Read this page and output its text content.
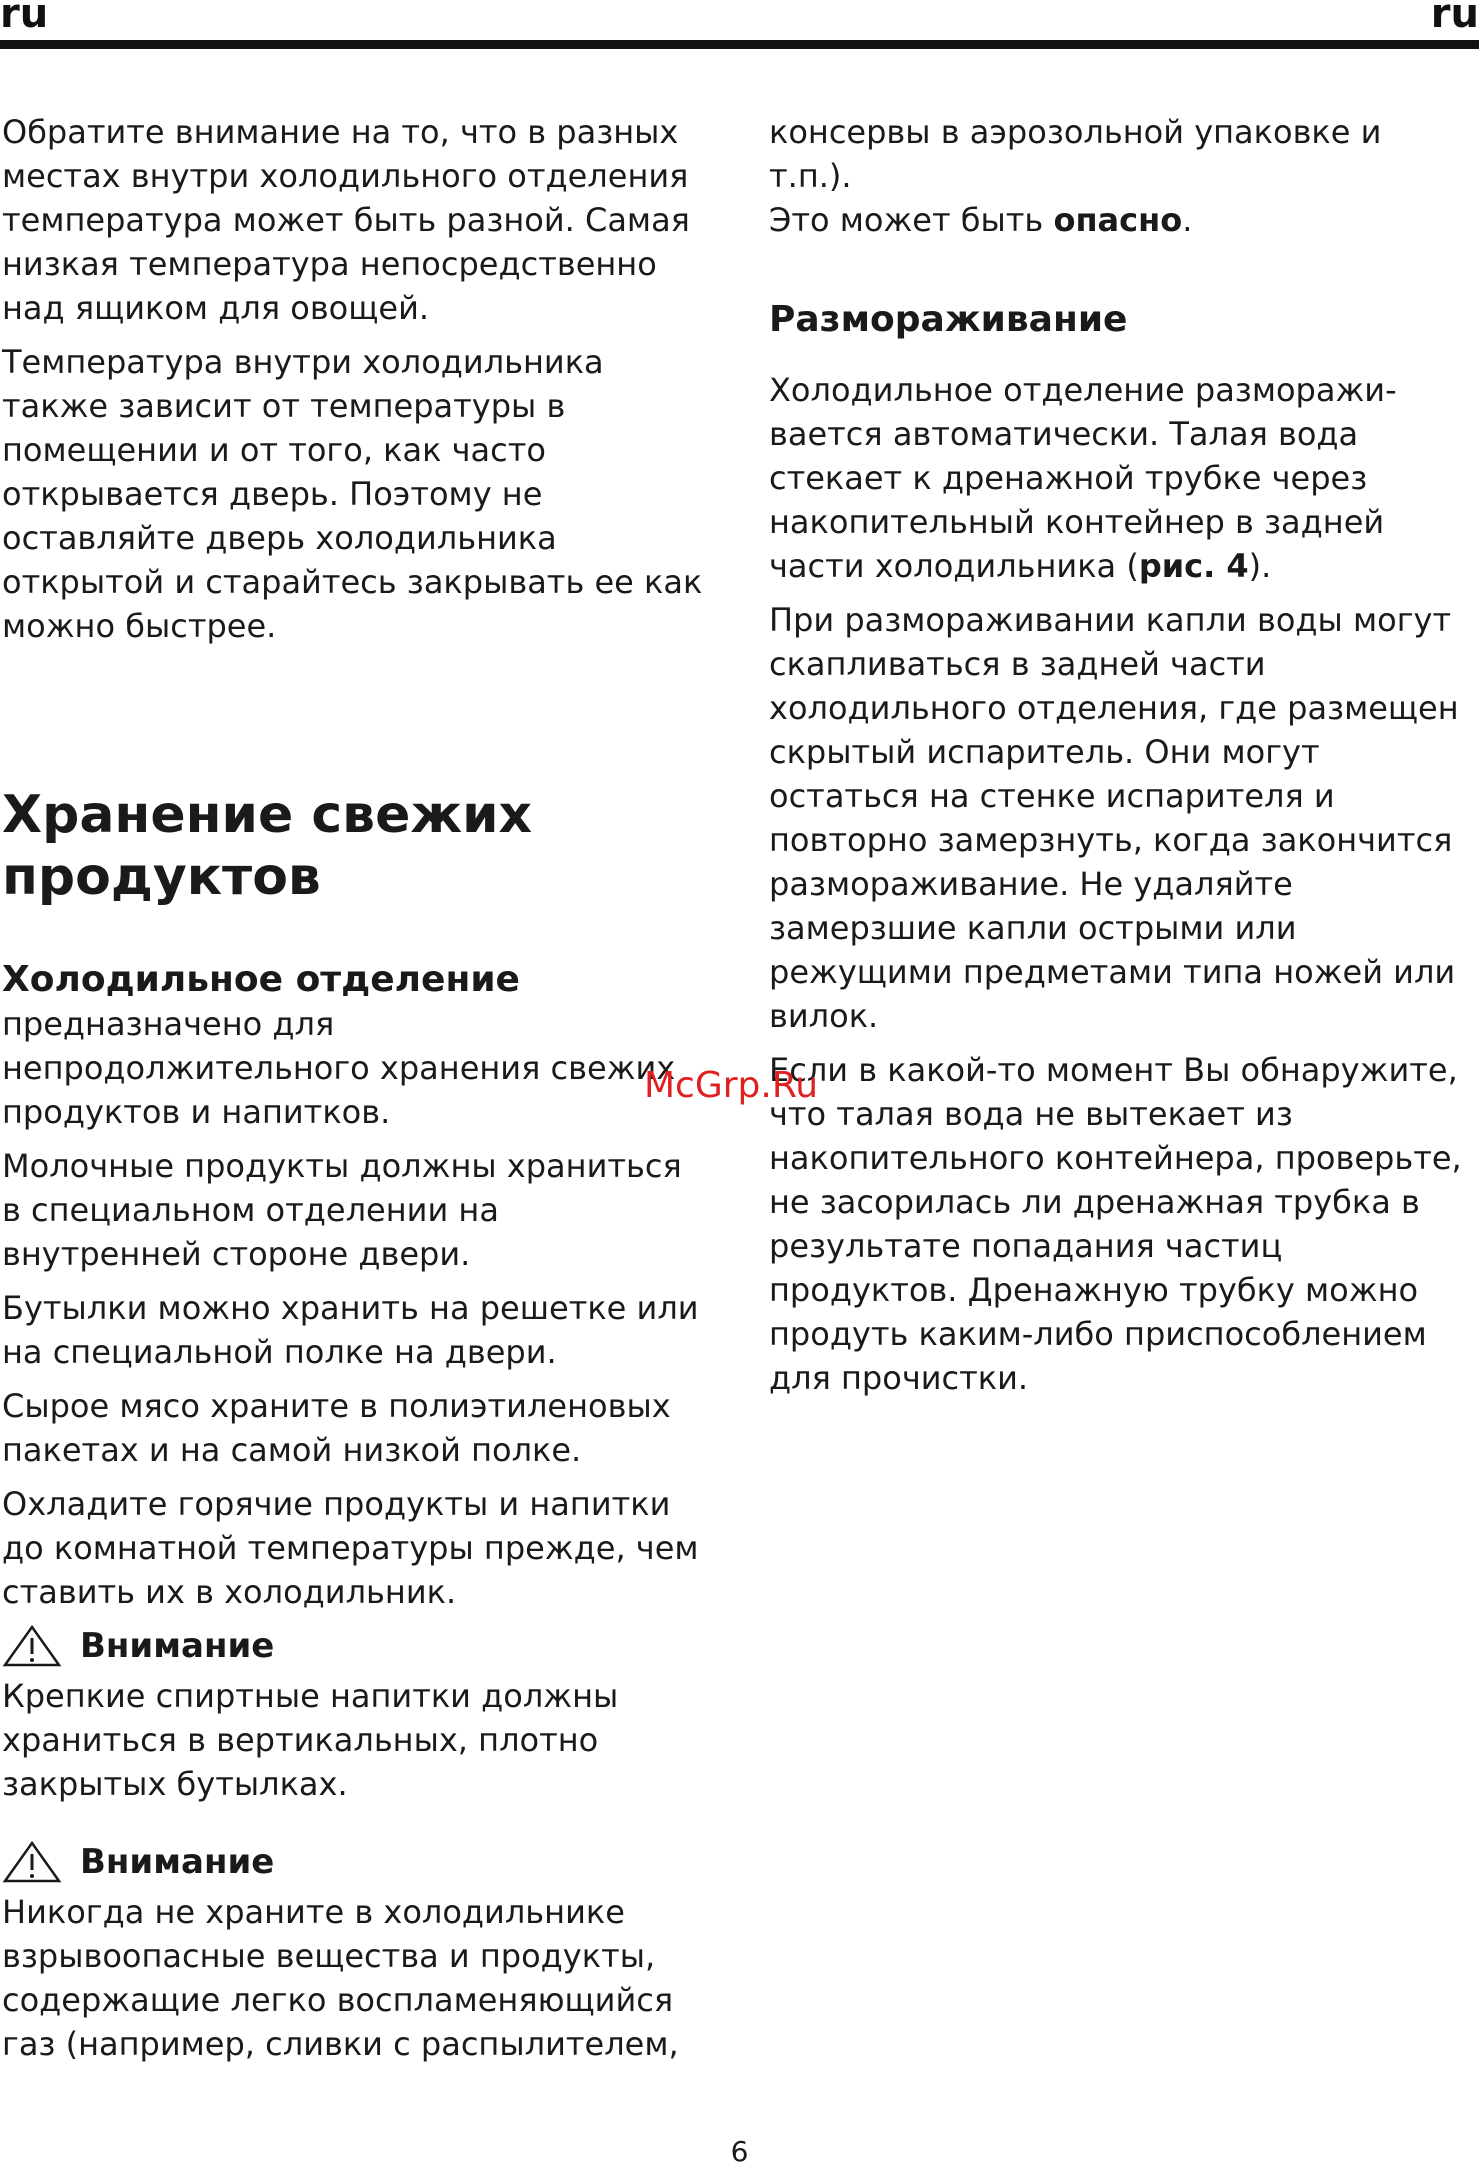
ru	ru

Обратите внимание на то, что в разных местах внутри холодильного отделения температура может быть разной. Самая низкая температура непосредственно над ящиком для овощей.

Температура внутри холодильника также зависит от температуры в помещении и от того, как часто открывается дверь. Поэтому не оставляйте дверь холодильника открытой и старайтесь закрывать ее как можно быстрее.

Хранение свежих продуктов
Холодильное отделение

предназначено для непродолжительного хранения свежих продуктов и напитков.

Молочные продукты должны храниться в специальном отделении на внутренней стороне двери.

Бутылки можно хранить на решетке или на специальной полке на двери.

Сырое мясо храните в полиэтиленовых пакетах и на самой низкой полке.

Охладите горячие продукты и напитки до комнатной температуры прежде, чем ставить их в холодильник.

Внимание

Крепкие спиртные напитки должны храниться в вертикальных, плотно закрытых бутылках.

Внимание

Никогда не храните в холодильнике взрывоопасные вещества и продукты, содержащие легко воспламеняющийся газ (например, сливки с распылителем,

консервы в аэрозольной упаковке и т.п.).

Это может быть опасно.

Размораживание

Холодильное отделение размораживается автоматически. Талая вода стекает к дренажной трубке через накопительный контейнер в задней части холодильника (рис. 4).

При размораживании капли воды могут скапливаться в задней части холодильного отделения, где размещен скрытый испаритель. Они могут остаться на стенке испарителя и повторно замерзнуть, когда закончится размораживание. Не удаляйте замерзшие капли острыми или режущими предметами типа ножей или вилок.

Если в какой-то момент Вы обнаружите, что талая вода не вытекает из накопительного контейнера, проверьте, не засорилась ли дренажная трубка в результате попадания частиц продуктов. Дренажную трубку можно продуть каким-либо приспособлением для прочистки.

McGrp.Ru
6
